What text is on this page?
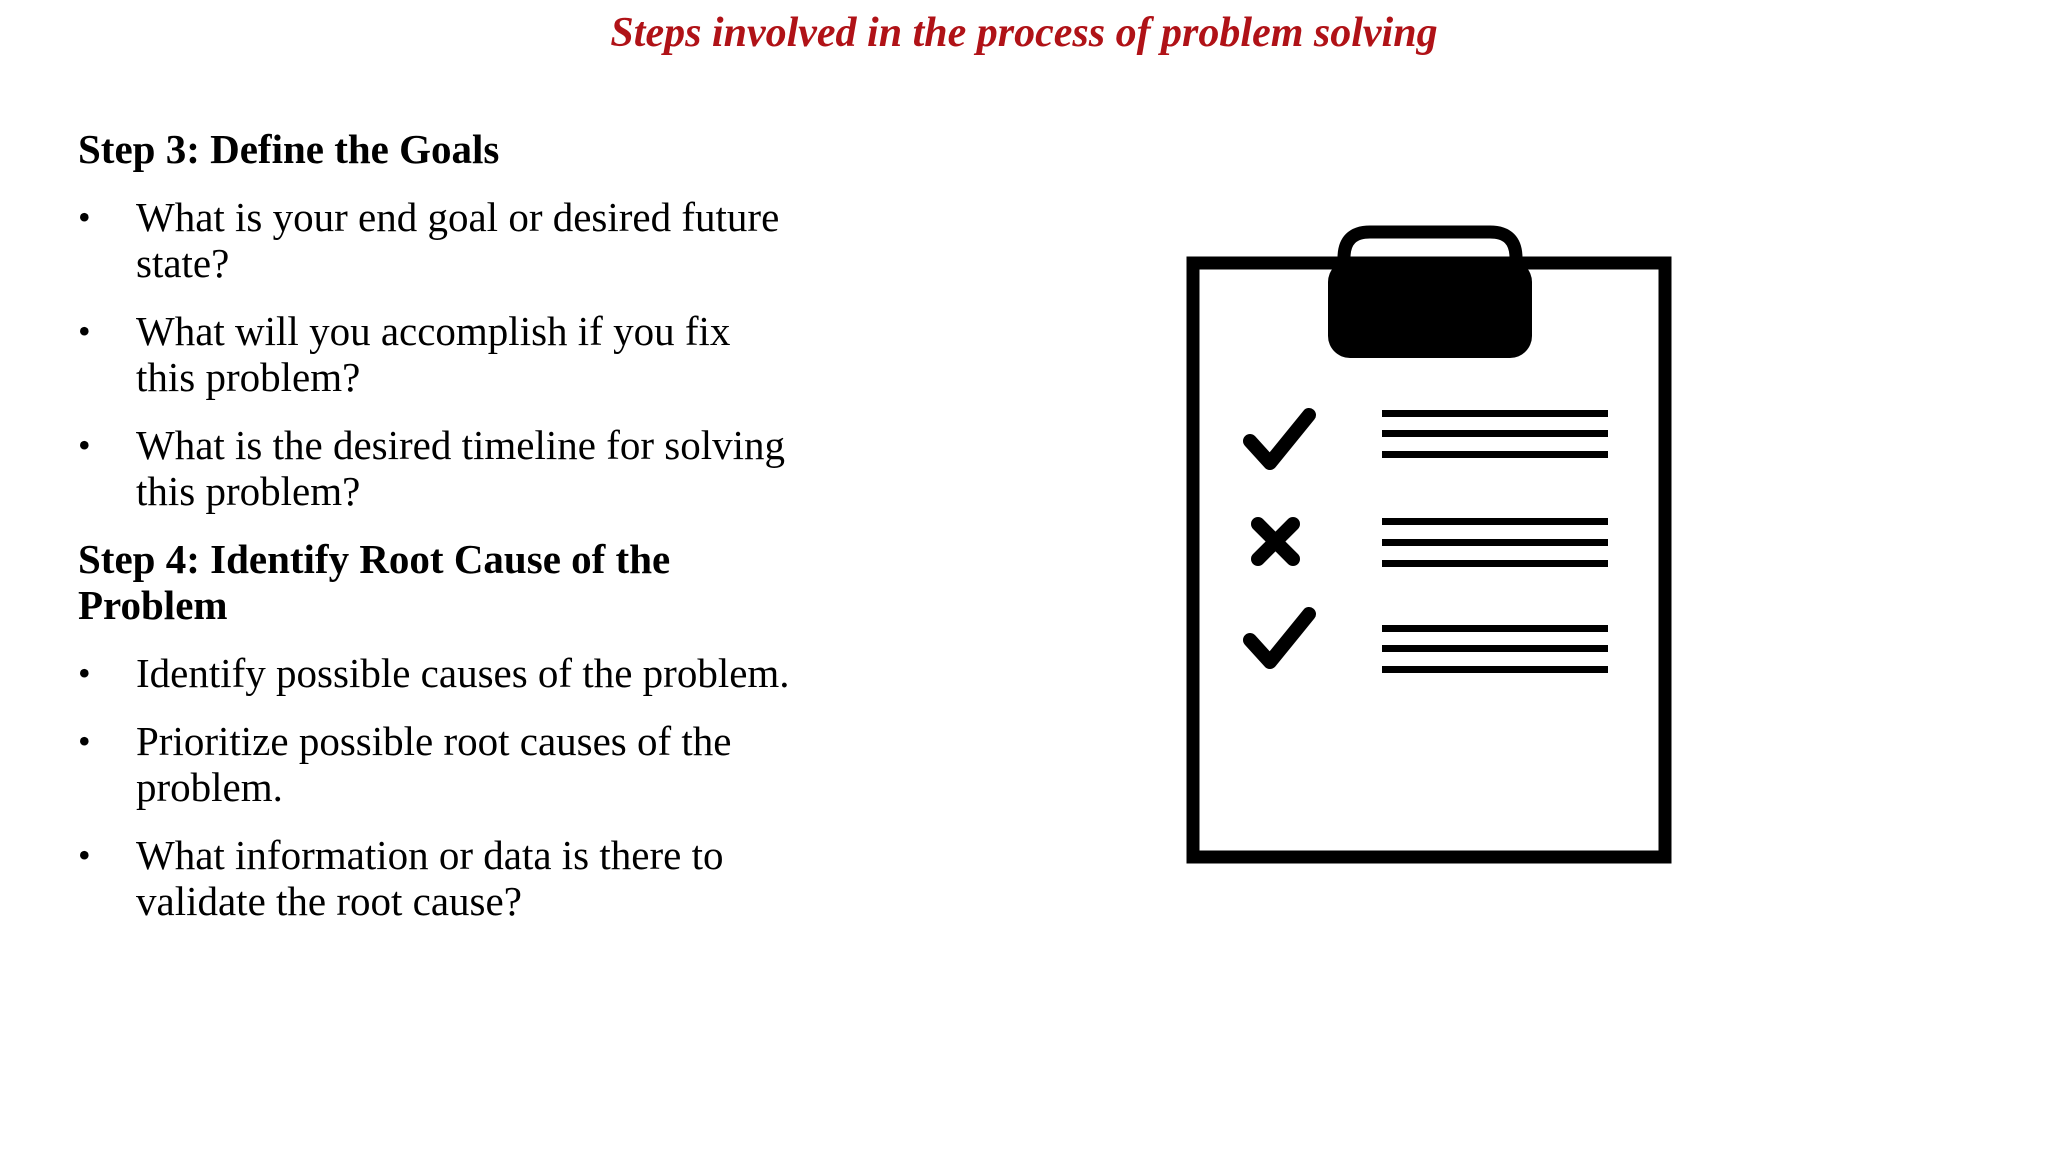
Steps involved in the process of problem solving
Step 3: Define the Goals
•	What is your end goal or desired future state?
•	What will you accomplish if you fix this problem?
•	What is the desired timeline for solving this problem?
Step 4: Identify Root Cause of the Problem
•	Identify possible causes of the problem.
•	Prioritize possible root causes of the problem.
•	What information or data is there to validate the root cause?
